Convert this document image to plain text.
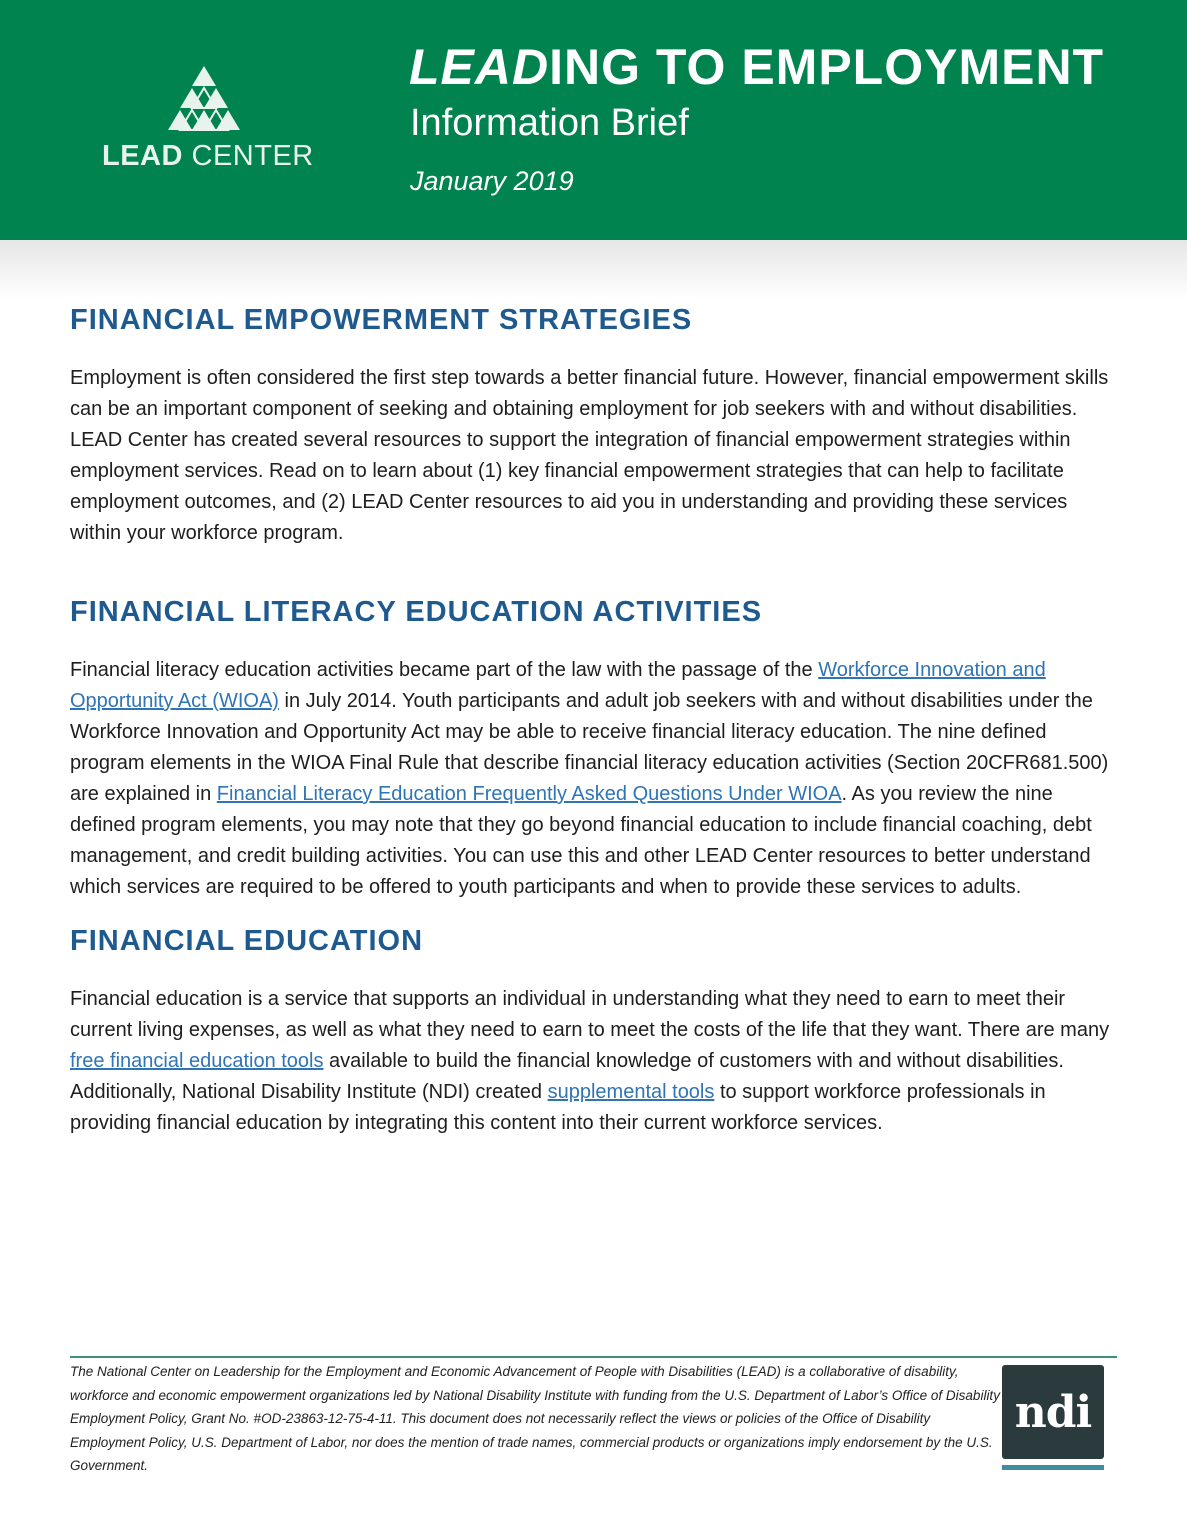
LEAD CENTER
LEADING TO EMPLOYMENT
Information Brief
January 2019
FINANCIAL EMPOWERMENT STRATEGIES

Employment is often considered the first step towards a better financial future. However, financial empowerment skills can be an important component of seeking and obtaining employment for job seekers with and without disabilities. LEAD Center has created several resources to support the integration of financial empowerment strategies within employment services. Read on to learn about (1) key financial empowerment strategies that can help to facilitate employment outcomes, and (2) LEAD Center resources to aid you in understanding and providing these services within your workforce program.

FINANCIAL LITERACY EDUCATION ACTIVITIES

Financial literacy education activities became part of the law with the passage of the Workforce Innovation and Opportunity Act (WIOA) in July 2014. Youth participants and adult job seekers with and without disabilities under the Workforce Innovation and Opportunity Act may be able to receive financial literacy education. The nine defined program elements in the WIOA Final Rule that describe financial literacy education activities (Section 20CFR681.500) are explained in Financial Literacy Education Frequently Asked Questions Under WIOA. As you review the nine defined program elements, you may note that they go beyond financial education to include financial coaching, debt management, and credit building activities. You can use this and other LEAD Center resources to better understand which services are required to be offered to youth participants and when to provide these services to adults.

FINANCIAL EDUCATION

Financial education is a service that supports an individual in understanding what they need to earn to meet their current living expenses, as well as what they need to earn to meet the costs of the life that they want. There are many free financial education tools available to build the financial knowledge of customers with and without disabilities. Additionally, National Disability Institute (NDI) created supplemental tools to support workforce professionals in providing financial education by integrating this content into their current workforce services.

The National Center on Leadership for the Employment and Economic Advancement of People with Disabilities (LEAD) is a collaborative of disability, workforce and economic empowerment organizations led by National Disability Institute with funding from the U.S. Department of Labor’s Office of Disability Employment Policy, Grant No. #OD-23863-12-75-4-11. This document does not necessarily reflect the views or policies of the Office of Disability Employment Policy, U.S. Department of Labor, nor does the mention of trade names, commercial products or organizations imply endorsement by the U.S. Government.
ndi
